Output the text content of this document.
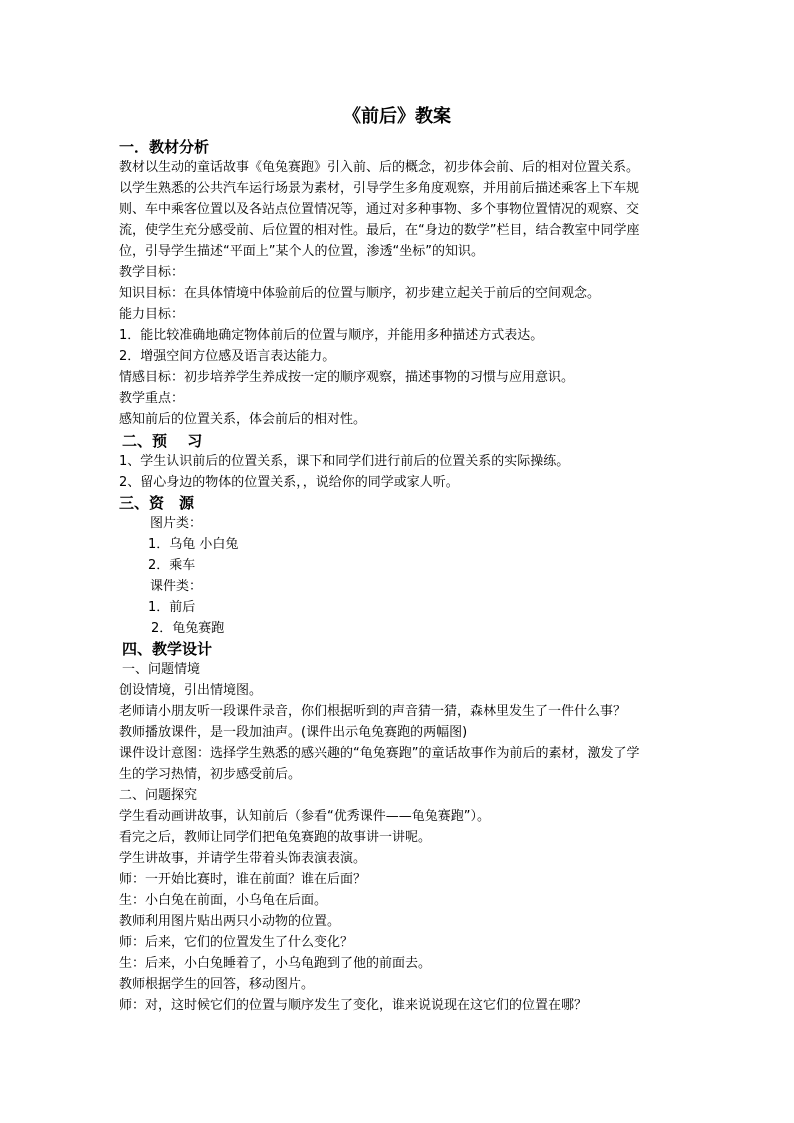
《前后》教案
一．教材分析
教材以生动的童话故事《龟兔赛跑》引入前、后的概念，初步体会前、后的相对位置关系。
以学生熟悉的公共汽车运行场景为素材，引导学生多角度观察，并用前后描述乘客上下车规
则、车中乘客位置以及各站点位置情况等，通过对多种事物、多个事物位置情况的观察、交
流，使学生充分感受前、后位置的相对性。最后，在“身边的数学”栏目，结合教室中同学座
位，引导学生描述“平面上”某个人的位置，渗透“坐标”的知识。
教学目标：
知识目标：在具体情境中体验前后的位置与顺序，初步建立起关于前后的空间观念。
能力目标：
1．能比较准确地确定物体前后的位置与顺序，并能用多种描述方式表达。
2．增强空间方位感及语言表达能力。
情感目标：初步培养学生养成按一定的顺序观察，描述事物的习惯与应用意识。
教学重点：
感知前后的位置关系，体会前后的相对性。
二、预　 习
1、学生认识前后的位置关系，课下和同学们进行前后的位置关系的实际操练。
2、留心身边的物体的位置关系，，说给你的同学或家人听。
三、资　源
图片类：
1．乌龟 小白兔
2．乘车
课件类：
1．前后
2．龟兔赛跑
四、教学设计
一、问题情境
创设情境，引出情境图。
老师请小朋友听一段课件录音，你们根据听到的声音猜一猜，森林里发生了一件什么事？
教师播放课件，是一段加油声。(课件出示龟兔赛跑的两幅图)
课件设计意图：选择学生熟悉的感兴趣的“龟兔赛跑”的童话故事作为前后的素材，激发了学
生的学习热情，初步感受前后。
二、问题探究
学生看动画讲故事，认知前后（参看“优秀课件——龟兔赛跑”）。
看完之后，教师让同学们把龟兔赛跑的故事讲一讲呢。
学生讲故事，并请学生带着头饰表演表演。
师：一开始比赛时，谁在前面？谁在后面？
生：小白兔在前面，小乌龟在后面。
教师利用图片贴出两只小动物的位置。
师：后来，它们的位置发生了什么变化？
生：后来，小白兔睡着了，小乌龟跑到了他的前面去。
教师根据学生的回答，移动图片。
师：对，这时候它们的位置与顺序发生了变化，谁来说说现在这它们的位置在哪？
